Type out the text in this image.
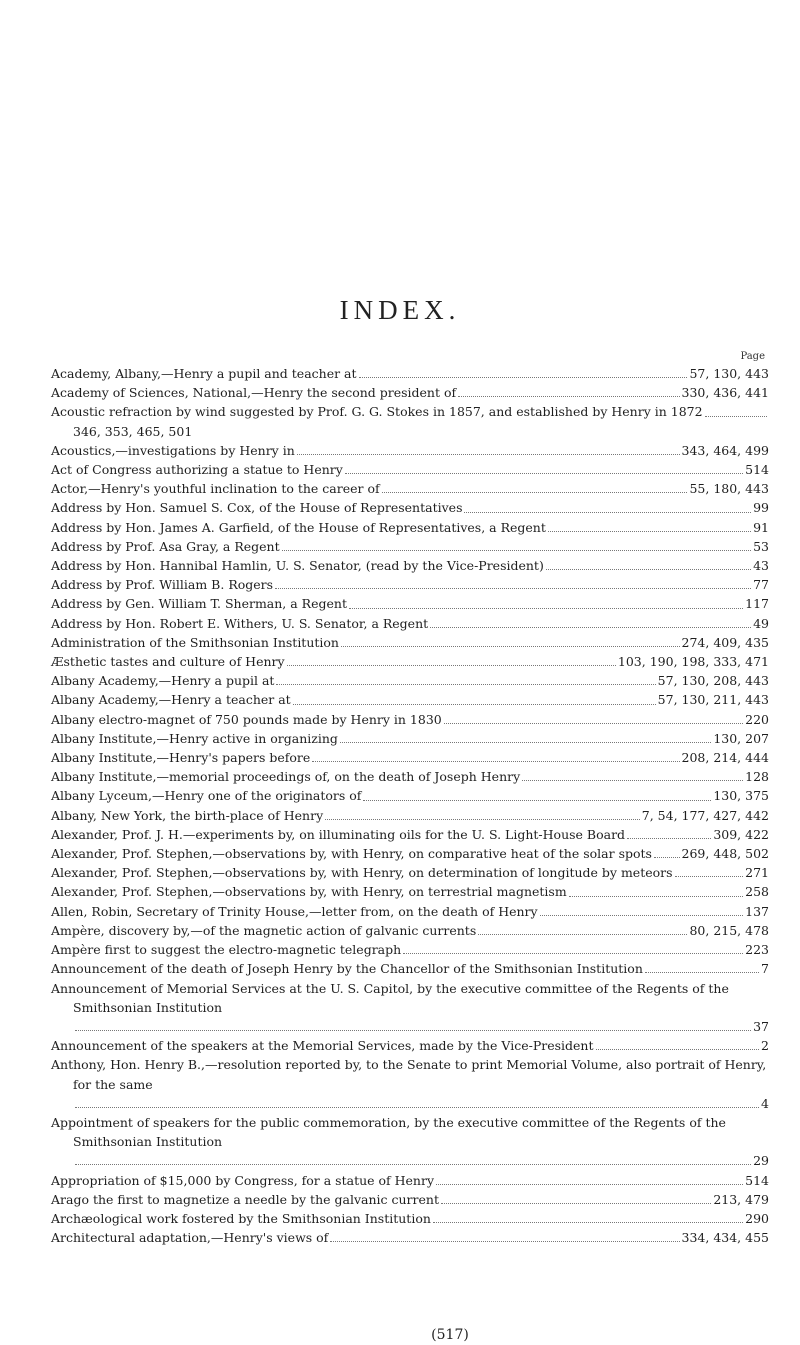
INDEX.
Page
Academy, Albany,—Henry a pupil and teacher at	57, 130, 443
Academy of Sciences, National,—Henry the second president of	330, 436, 441
Acoustic refraction by wind suggested by Prof. G. G. Stokes in 1857, and established by Henry in 1872
346, 353, 465, 501
Acoustics,—investigations by Henry in	343, 464, 499
Act of Congress authorizing a statue to Henry	514
Actor,—Henry's youthful inclination to the career of	55, 180, 443
Address by Hon. Samuel S. Cox, of the House of Representatives	99
Address by Hon. James A. Garfield, of the House of Representatives, a Regent	91
Address by Prof. Asa Gray, a Regent	53
Address by Hon. Hannibal Hamlin, U. S. Senator, (read by the Vice-President)	43
Address by Prof. William B. Rogers	77
Address by Gen. William T. Sherman, a Regent	117
Address by Hon. Robert E. Withers, U. S. Senator, a Regent	49
Administration of the Smithsonian Institution	274, 409, 435
Æsthetic tastes and culture of Henry	103, 190, 198, 333, 471
Albany Academy,—Henry a pupil at	57, 130, 208, 443
Albany Academy,—Henry a teacher at	57, 130, 211, 443
Albany electro-magnet of 750 pounds made by Henry in 1830	220
Albany Institute,—Henry active in organizing	130, 207
Albany Institute,—Henry's papers before	208, 214, 444
Albany Institute,—memorial proceedings of, on the death of Joseph Henry	128
Albany Lyceum,—Henry one of the originators of	130, 375
Albany, New York, the birth-place of Henry	7, 54, 177, 427, 442
Alexander, Prof. J. H.—experiments by, on illuminating oils for the U. S. Light-House Board	309, 422
Alexander, Prof. Stephen,—observations by, with Henry, on comparative heat of the solar spots 269, 448, 502
Alexander, Prof. Stephen,—observations by, with Henry, on determination of longitude by meteors	271
Alexander, Prof. Stephen,—observations by, with Henry, on terrestrial magnetism	258
Allen, Robin, Secretary of Trinity House,—letter from, on the death of Henry	137
Ampère, discovery by,—of the magnetic action of galvanic currents	80, 215, 478
Ampère first to suggest the electro-magnetic telegraph	223
Announcement of the death of Joseph Henry by the Chancellor of the Smithsonian Institution	7
Announcement of Memorial Services at the U. S. Capitol, by the executive committee of the Regents of the Smithsonian Institution
37
Announcement of the speakers at the Memorial Services, made by the Vice-President	2
Anthony, Hon. Henry B.,—resolution reported by, to the Senate to print Memorial Volume, also portrait of Henry, for the same
4
Appointment of speakers for the public commemoration, by the executive committee of the Regents of the Smithsonian Institution
29
Appropriation of $15,000 by Congress, for a statue of Henry	514
Arago the first to magnetize a needle by the galvanic current	213, 479
Archæological work fostered by the Smithsonian Institution	290
Architectural adaptation,—Henry's views of	334, 434, 455
(517)
